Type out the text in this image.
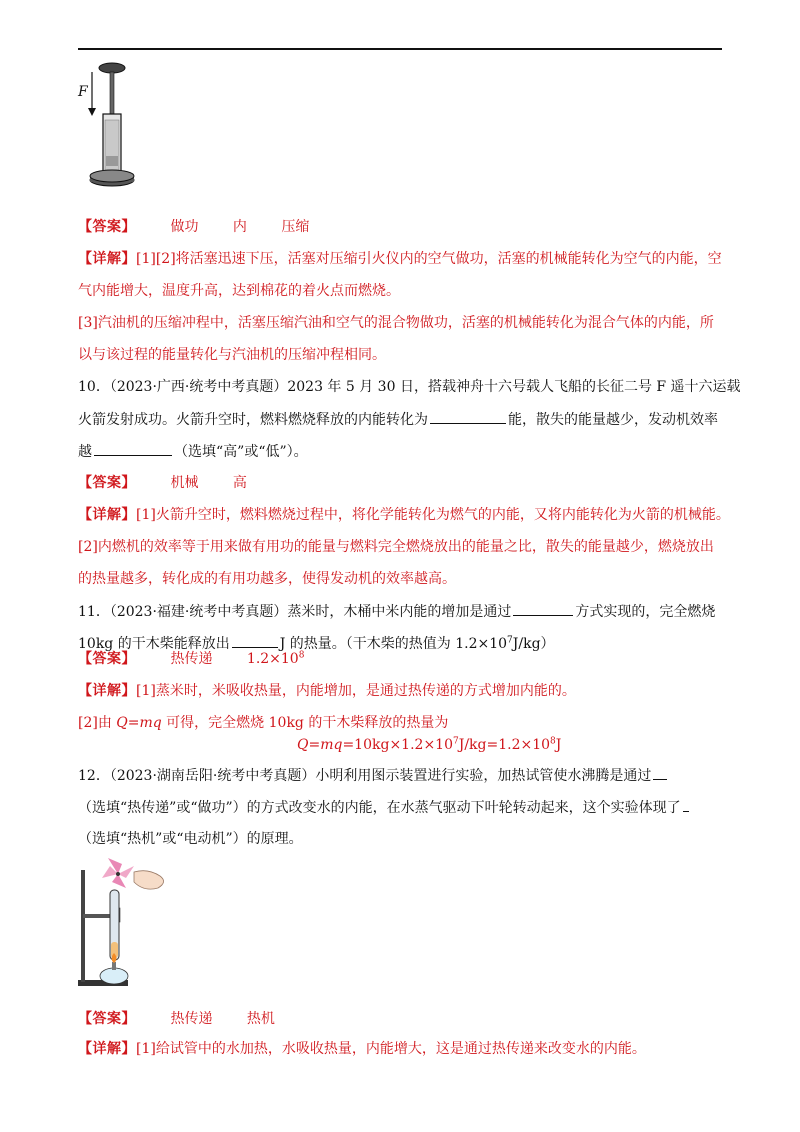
F
【答案】 做功 内 压缩
【详解】[1][2]将活塞迅速下压，活塞对压缩引火仪内的空气做功，活塞的机械能转化为空气的内能，空
气内能增大，温度升高，达到棉花的着火点而燃烧。
[3]汽油机的压缩冲程中，活塞压缩汽油和空气的混合物做功，活塞的机械能转化为混合气体的内能，所
以与该过程的能量转化与汽油机的压缩冲程相同。
10．（2023·广西·统考中考真题）2023 年 5 月 30 日，搭载神舟十六号载人飞船的长征二号 F 遥十六运载
火箭发射成功。火箭升空时，燃料燃烧释放的内能转化为	能，散失的能量越少，发动机效率
越	（选填“高”或“低”）。
【答案】 机械 高
【详解】[1]火箭升空时，燃料燃烧过程中，将化学能转化为燃气的内能，又将内能转化为火箭的机械能。
[2]内燃机的效率等于用来做有用功的能量与燃料完全燃烧放出的能量之比，散失的能量越少，燃烧放出
的热量越多，转化成的有用功越多，使得发动机的效率越高。
11．（2023·福建·统考中考真题）蒸米时，木桶中米内能的增加是通过	方式实现的，完全燃烧
10kg 的干木柴能释放出	J 的热量。（干木柴的热值为 $1.2\times 10^7J/kg$）
【答案】 热传递 $1.2\times 10^8$
【详解】[1]蒸米时，米吸收热量，内能增加，是通过热传递的方式增加内能的。
[2]由 Q=mq 可得，完全燃烧 10kg 的干木柴释放的热量为
$Q=mq=10kg\times 1.2\times 10^7J/kg=1.2\times 10^8J$
12．（2023·湖南岳阳·统考中考真题）小明利用图示装置进行实验，加热试管使水沸腾是通过
（选填“热传递”或“做功”）的方式改变水的内能，在水蒸气驱动下叶轮转动起来，这个实验体现了
（选填“热机”或“电动机”）的原理。
【答案】 热传递 热机
【详解】[1]给试管中的水加热，水吸收热量，内能增大，这是通过热传递来改变水的内能。
